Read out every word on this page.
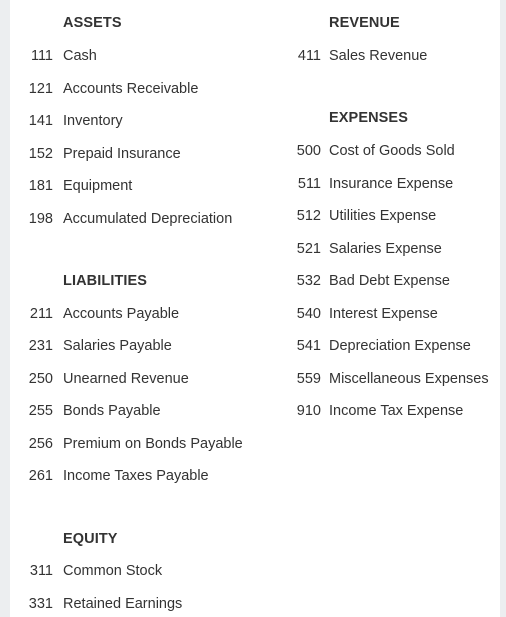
ASSETS
111 Cash
121 Accounts Receivable
141 Inventory
152 Prepaid Insurance
181 Equipment
198 Accumulated Depreciation
LIABILITIES
211 Accounts Payable
231 Salaries Payable
250 Unearned Revenue
255 Bonds Payable
256 Premium on Bonds Payable
261 Income Taxes Payable
EQUITY
311 Common Stock
331 Retained Earnings
REVENUE
411 Sales Revenue
EXPENSES
500 Cost of Goods Sold
511 Insurance Expense
512 Utilities Expense
521 Salaries Expense
532 Bad Debt Expense
540 Interest Expense
541 Depreciation Expense
559 Miscellaneous Expenses
910 Income Tax Expense
